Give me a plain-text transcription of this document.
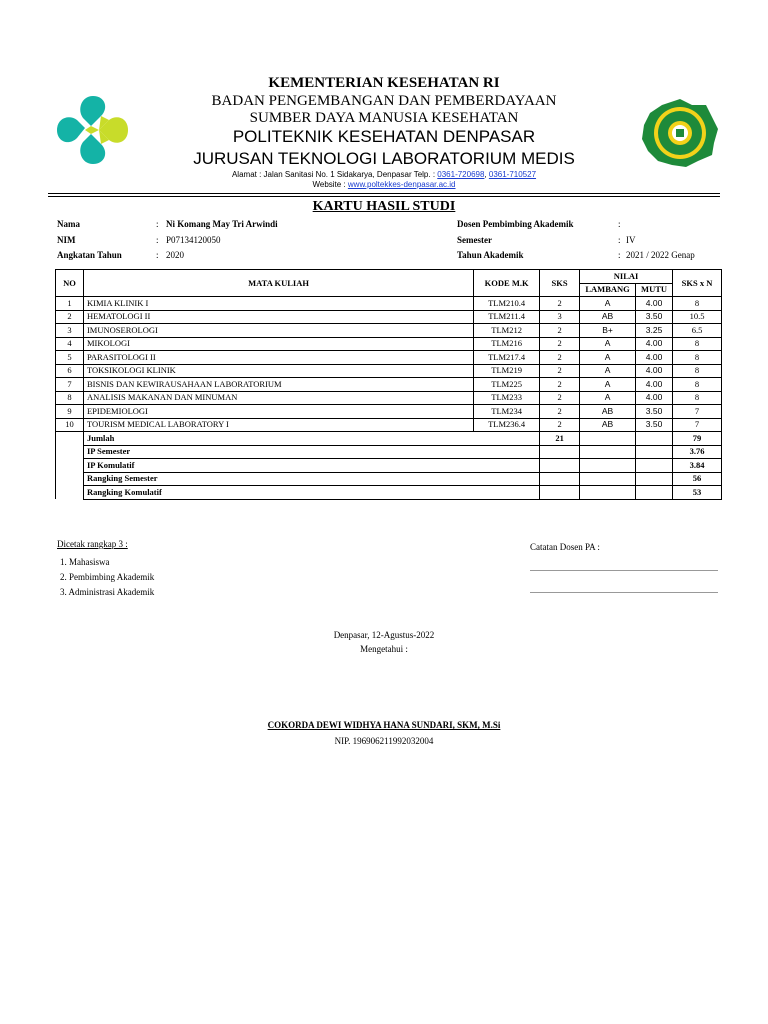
KEMENTERIAN KESEHATAN RI
BADAN PENGEMBANGAN DAN PEMBERDAYAAN
SUMBER DAYA MANUSIA KESEHATAN
POLITEKNIK KESEHATAN DENPASAR
JURUSAN TEKNOLOGI LABORATORIUM MEDIS
Alamat : Jalan Sanitasi No. 1 Sidakarya, Denpasar Telp. : 0361-720698, 0361-710527
Website : www.poltekkes-denpasar.ac.id
KARTU HASIL STUDI
Nama	: Ni Komang May Tri Arwindi
NIM	: P07134120050
Angkatan Tahun	: 2020
Dosen Pembimbing Akademik	:
Semester	: IV
Tahun Akademik	: 2021 / 2022 Genap
NO	MATA KULIAH	KODE M.K	SKS	NILAI		SKS x N
				LAMBANG	MUTU	
1	KIMIA KLINIK I	TLM210.4	2	A	4.00	8
2	HEMATOLOGI II	TLM211.4	3	AB	3.50	10.5
3	IMUNOSEROLOGI	TLM212	2	B+	3.25	6.5
4	MIKOLOGI	TLM216	2	A	4.00	8
5	PARASITOLOGI II	TLM217.4	2	A	4.00	8
6	TOKSIKOLOGI KLINIK	TLM219	2	A	4.00	8
7	BISNIS DAN KEWIRAUSAHAAN LABORATORIUM	TLM225	2	A	4.00	8
8	ANALISIS MAKANAN DAN MINUMAN	TLM233	2	A	4.00	8
9	EPIDEMIOLOGI	TLM234	2	AB	3.50	7
10	TOURISM MEDICAL LABORATORY I	TLM236.4	2	AB	3.50	7
	Jumlah		21			79
	IP Semester					3.76
	IP Komulatif					3.84
	Rangking Semester					56
	Rangking Komulatif					53
Dicetak rangkap 3 :
1. Mahasiswa
2. Pembimbing Akademik
3. Administrasi Akademik
Catatan Dosen PA :
Denpasar, 12-Agustus-2022
Mengetahui :
COKORDA DEWI WIDHYA HANA SUNDARI, SKM, M.Si
NIP. 196906211992032004
